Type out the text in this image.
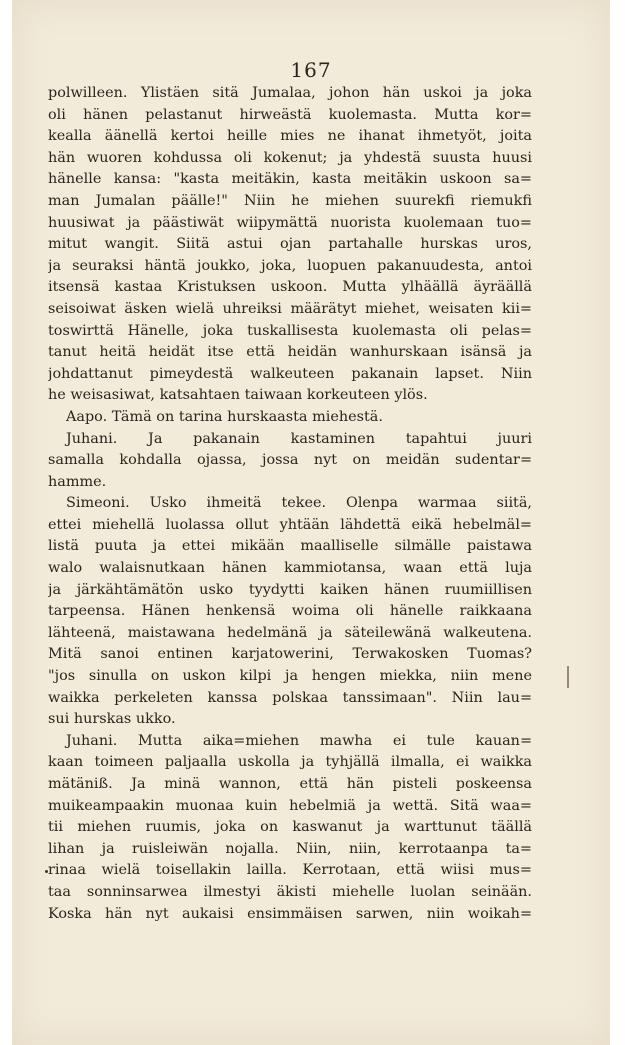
167
polwilleen. Ylistäen sitä Jumalaa, johon hän uskoi ja joka
oli hänen pelastanut hirweästä kuolemasta. Mutta kor=
kealla äänellä kertoi heille mies ne ihanat ihmetyöt, joita
hän wuoren kohdussa oli kokenut; ja yhdestä suusta huusi
hänelle kansa: "kasta meitäkin, kasta meitäkin uskoon sa=
man Jumalan päälle!" Niin he miehen suurekfi riemukfi
huusiwat ja päästiwät wiipymättä nuorista kuolemaan tuo=
mitut wangit. Siitä astui ojan partahalle hurskas uros,
ja seuraksi häntä joukko, joka, luopuen pakanuudesta, antoi
itsensä kastaa Kristuksen uskoon. Mutta ylhäällä äyräällä
seisoiwat äsken wielä uhreiksi määrätyt miehet, weisaten kii=
toswirttä Hänelle, joka tuskallisesta kuolemasta oli pelas=
tanut heitä heidät itse että heidän wanhurskaan isänsä ja
johdattanut pimeydestä walkeuteen pakanain lapset. Niin
he weisasiwat, katsahtaen taiwaan korkeuteen ylös.
Aapo. Tämä on tarina hurskaasta miehestä.
Juhani. Ja pakanain kastaminen tapahtui juuri
samalla kohdalla ojassa, jossa nyt on meidän sudentar=
hamme.
Simeoni. Usko ihmeitä tekee. Olenpa warmaa siitä,
ettei miehellä luolassa ollut yhtään lähdettä eikä hebelmäl=
listä puuta ja ettei mikään maalliselle silmälle paistawa
walo walaisnutkaan hänen kammiotansa, waan että luja
ja järkähtämätön usko tyydytti kaiken hänen ruumiillisen
tarpeensa. Hänen henkensä woima oli hänelle raikkaana
lähteenä, maistawana hedelmänä ja säteilewänä walkeutena.
Mitä sanoi entinen karjatowerini, Terwakosken Tuomas?
"jos sinulla on uskon kilpi ja hengen miekka, niin mene
waikka perkeleten kanssa polskaa tanssimaan". Niin lau=
sui hurskas ukko.
Juhani. Mutta aika=miehen mawha ei tule kauan=
kaan toimeen paljaalla uskolla ja tyhjällä ilmalla, ei waikka
mätäniß. Ja minä wannon, että hän pisteli poskeensa
muikeampaakin muonaa kuin hebelmiä ja wettä. Sitä waa=
tii miehen ruumis, joka on kaswanut ja warttunut täällä
lihan ja ruisleiwän nojalla. Niin, niin, kerrotaanpa ta=
rinaa wielä toisellakin lailla. Kerrotaan, että wiisi mus=
taa sonninsarwea ilmestyi äkisti miehelle luolan seinään.
Koska hän nyt aukaisi ensimmäisen sarwen, niin woikah=
